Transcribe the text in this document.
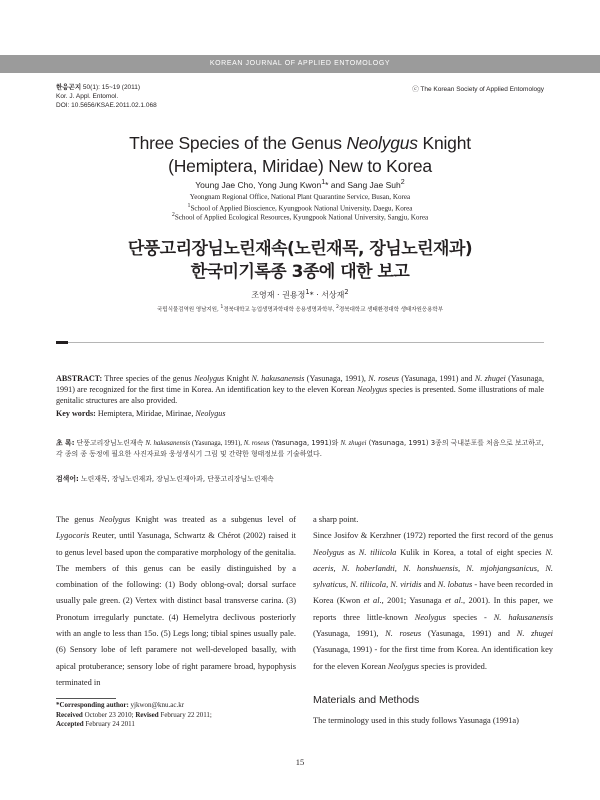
KOREAN JOURNAL OF APPLIED ENTOMOLOGY
한응곤지 50(1): 15~19 (2011)
Kor. J. Appl. Entomol.
DOI: 10.5656/KSAE.2011.02.1.068
ⓒ The Korean Society of Applied Entomology
Three Species of the Genus Neolygus Knight
(Hemiptera, Miridae) New to Korea
Young Jae Cho, Yong Jung Kwon$^1$* and Sang Jae Suh$^2$
Yeongnam Regional Office, National Plant Quarantine Service, Busan, Korea
$^1$School of Applied Bioscience, Kyungpook National University, Daegu, Korea
$^2$School of Applied Ecological Resources, Kyungpook National University, Sangju, Korea
단풍고리장님노린재속(노린재목, 장님노린재과)
한국미기록종 3종에 대한 보고
조영재 · 권용정$^1$* · 서상재$^2$
국립식물검역원 영남지원, $^1$경북대학교 농업생명과학대학 응용생명과학부, $^2$경북대학교 생태환경대학 생태자원응용학부
ABSTRACT: Three species of the genus Neolygus Knight N. hakusanensis (Yasunaga, 1991), N. roseus (Yasunaga, 1991) and N. zhugei (Yasunaga, 1991) are recognized for the first time in Korea. An identification key to the eleven Korean Neolygus species is presented. Some illustrations of male genitalic structures are also provided.
Key words: Hemiptera, Miridae, Mirinae, Neolygus
초 록: 단풍고리장님노린재속 N. hakusanensis (Yasunaga, 1991), N. roseus (Yasunaga, 1991)와 N. zhugei (Yasunaga, 1991) 3종의 국내분포를 처음으로 보고하고, 각 종의 종 동정에 필요한 사진자료와 웅성생식기 그림 및 간략한 형태정보를 기술하였다.
검색어: 노린재목, 장님노린재과, 장님노린재아과, 단풍고리장님노린재속

The genus Neolygus Knight was treated as a subgenus level of Lygocoris Reuter, until Yasunaga, Schwartz & Chérot (2002) raised it to genus level based upon the comparative morphology of the genitalia. The members of this genus can be easily distinguished by a combination of the following: (1) Body oblong-oval; dorsal surface usually pale green. (2) Vertex with distinct basal transverse carina. (3) Pronotum irregularly punctate. (4) Hemelytra declivous posteriorly with an angle to less than 15o. (5) Legs long; tibial spines usually pale. (6) Sensory lobe of left paramere not well-developed basally, with apical protuberance; sensory lobe of right paramere broad, hypophysis terminated in

a sharp point.

Since Josifov & Kerzhner (1972) reported the first record of the genus Neolygus as N. tiliicola Kulik in Korea, a total of eight species N. aceris, N. hoberlandti, N. honshuensis, N. mjohjangsanicus, N. sylvaticus, N. tiliicola, N. viridis and N. lobatus - have been recorded in Korea (Kwon et al., 2001; Yasunaga et al., 2001). In this paper, we reports three little-known Neolygus species - N. hakusanensis (Yasunaga, 1991), N. roseus (Yasunaga, 1991) and N. zhugei (Yasunaga, 1991) - for the first time from Korea. An identification key for the eleven Korean Neolygus species is provided.

Materials and Methods
The terminology used in this study follows Yasunaga (1991a)
*Corresponding author: yjkwon@knu.ac.kr
Received October 23 2010; Revised February 22 2011;
Accepted February 24 2011
15
